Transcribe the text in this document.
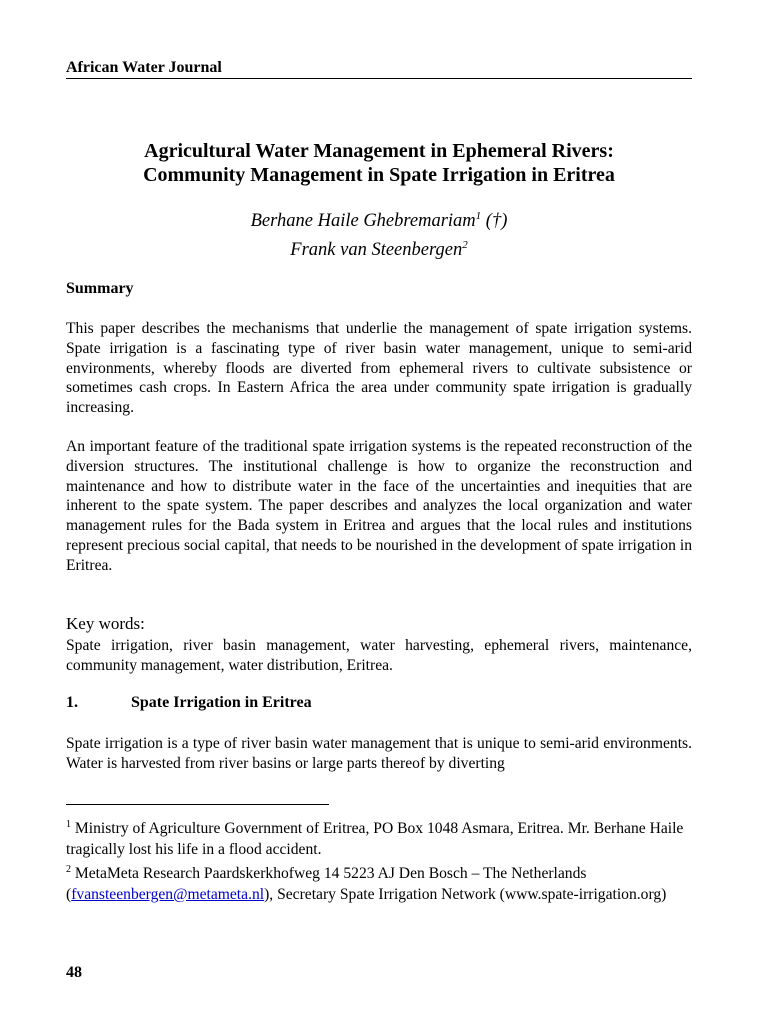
African Water Journal
Agricultural Water Management in Ephemeral Rivers:
Community Management in Spate Irrigation in Eritrea
Berhane Haile Ghebremariam$^1$ (†)
Frank van Steenbergen$^2$
Summary
This paper describes the mechanisms that underlie the management of spate irrigation systems. Spate irrigation is a fascinating type of river basin water management, unique to semi-arid environments, whereby floods are diverted from ephemeral rivers to cultivate subsistence or sometimes cash crops. In Eastern Africa the area under community spate irrigation is gradually increasing.
An important feature of the traditional spate irrigation systems is the repeated reconstruction of the diversion structures. The institutional challenge is how to organize the reconstruction and maintenance and how to distribute water in the face of the uncertainties and inequities that are inherent to the spate system. The paper describes and analyzes the local organization and water management rules for the Bada system in Eritrea and argues that the local rules and institutions represent precious social capital, that needs to be nourished in the development of spate irrigation in Eritrea.
Key words:
Spate irrigation, river basin management, water harvesting, ephemeral rivers, maintenance, community management, water distribution, Eritrea.
1.	Spate Irrigation in Eritrea
Spate irrigation is a type of river basin water management that is unique to semi-arid environments. Water is harvested from river basins or large parts thereof by diverting
$^1$ Ministry of Agriculture Government of Eritrea, PO Box 1048 Asmara, Eritrea. Mr. Berhane Haile tragically lost his life in a flood accident.
$^2$ MetaMeta Research Paardskerkhofweg 14 5223 AJ Den Bosch – The Netherlands (fvansteenbergen@metameta.nl), Secretary Spate Irrigation Network (www.spate-irrigation.org)
48
